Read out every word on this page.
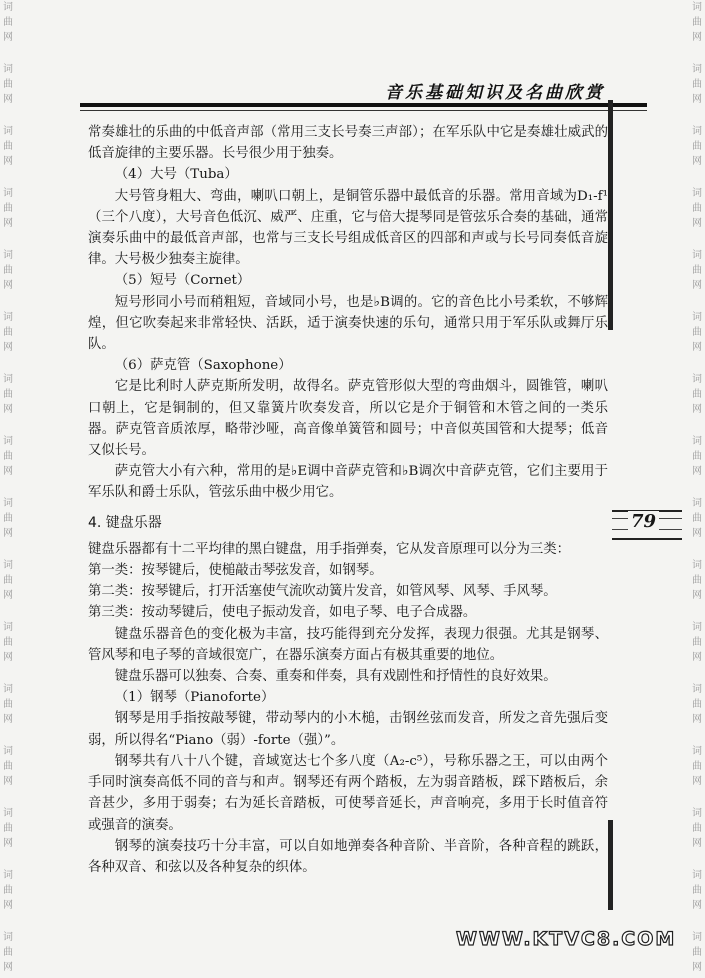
词
曲
网
词
曲
网
词
曲
网
词
曲
网
词
曲
网
词
曲
网
词
曲
网
词
曲
网
词
曲
网
词
曲
网
词
曲
网
词
曲
网
词
曲
网
词
曲
网
词
曲
网
词
曲
网
词
曲
网
词
曲
网
词
曲
网
词
曲
网
词
曲
网
词
曲
网
词
曲
网
词
曲
网
词
曲
网
词
曲
网
词
曲
网
词
曲
网
词
曲
网
词
曲
网
词
曲
网
词
曲
网
音乐基础知识及名曲欣赏
79

常奏雄壮的乐曲的中低音声部（常用三支长号奏三声部）；在军乐队中它是奏雄壮威武的低音旋律的主要乐器。长号很少用于独奏。

（4）大号（Tuba）

大号管身粗大、弯曲，喇叭口朝上，是铜管乐器中最低音的乐器。常用音域为D₁-f¹（三个八度），大号音色低沉、威严、庄重，它与倍大提琴同是管弦乐合奏的基础，通常演奏乐曲中的最低音声部，也常与三支长号组成低音区的四部和声或与长号同奏低音旋律。大号极少独奏主旋律。

（5）短号（Cornet）

短号形同小号而稍粗短，音域同小号，也是♭B调的。它的音色比小号柔软，不够辉煌，但它吹奏起来非常轻快、活跃，适于演奏快速的乐句，通常只用于军乐队或舞厅乐队。

（6）萨克管（Saxophone）

它是比利时人萨克斯所发明，故得名。萨克管形似大型的弯曲烟斗，圆锥管，喇叭口朝上，它是铜制的，但又靠簧片吹奏发音，所以它是介于铜管和木管之间的一类乐器。萨克管音质浓厚，略带沙哑，高音像单簧管和圆号；中音似英国管和大提琴；低音又似长号。

萨克管大小有六种，常用的是♭E调中音萨克管和♭B调次中音萨克管，它们主要用于军乐队和爵士乐队，管弦乐曲中极少用它。

4. 键盘乐器

键盘乐器都有十二平均律的黑白键盘，用手指弹奏，它从发音原理可以分为三类：

第一类：按琴键后，使槌敲击琴弦发音，如钢琴。

第二类：按琴键后，打开活塞使气流吹动簧片发音，如管风琴、风琴、手风琴。

第三类：按动琴键后，使电子振动发音，如电子琴、电子合成器。

键盘乐器音色的变化极为丰富，技巧能得到充分发挥，表现力很强。尤其是钢琴、管风琴和电子琴的音域很宽广，在器乐演奏方面占有极其重要的地位。

键盘乐器可以独奏、合奏、重奏和伴奏，具有戏剧性和抒情性的良好效果。

（1）钢琴（Pianoforte）

钢琴是用手指按敲琴键，带动琴内的小木槌，击钢丝弦而发音，所发之音先强后变弱，所以得名“Piano（弱）-forte（强）”。

钢琴共有八十八个键，音域宽达七个多八度（A₂-c⁵），号称乐器之王，可以由两个手同时演奏高低不同的音与和声。钢琴还有两个踏板，左为弱音踏板，踩下踏板后，余音甚少，多用于弱奏；右为延长音踏板，可使琴音延长，声音响亮，多用于长时值音符或强音的演奏。

钢琴的演奏技巧十分丰富，可以自如地弹奏各种音阶、半音阶，各种音程的跳跃，各种双音、和弦以及各种复杂的织体。

WWW.KTVC8.COM
